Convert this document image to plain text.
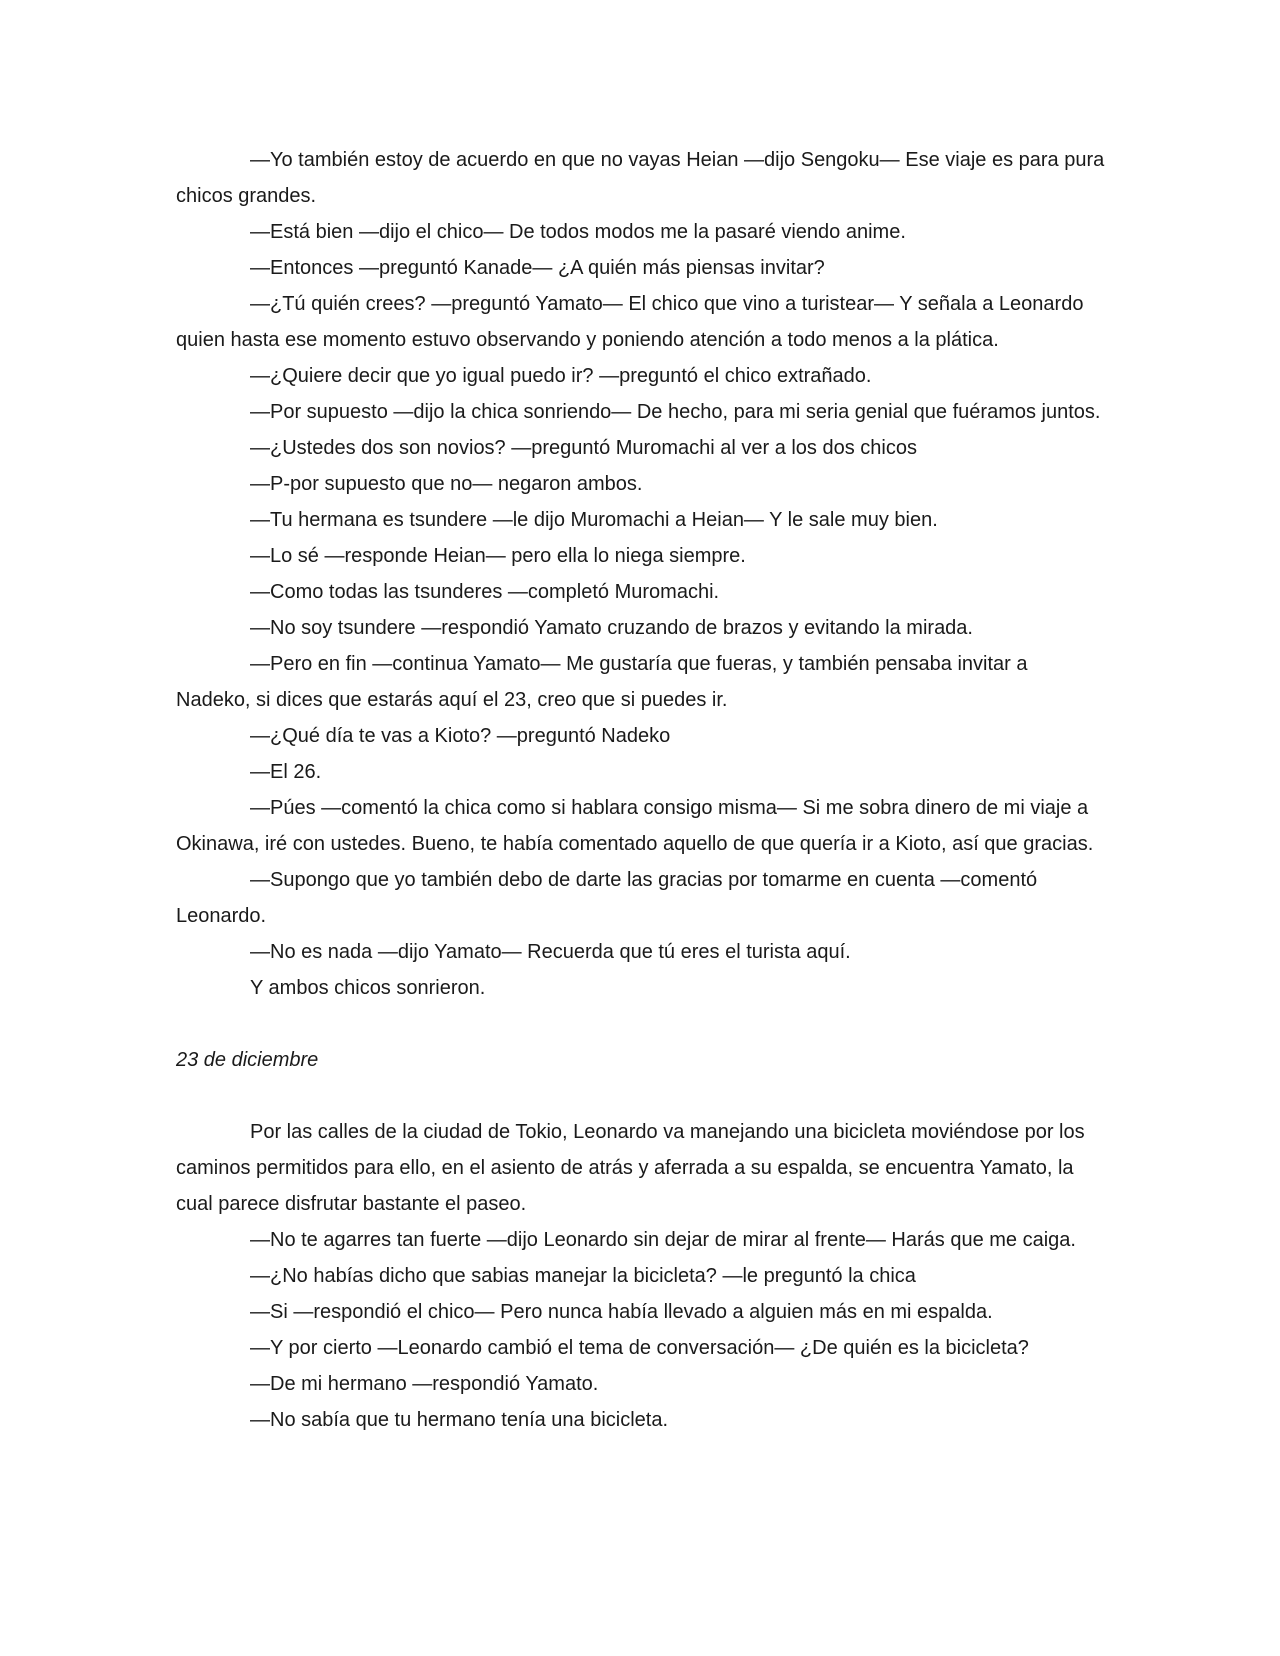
—Yo también estoy de acuerdo en que no vayas Heian —dijo Sengoku— Ese viaje es para pura chicos grandes.

—Está bien —dijo el chico— De todos modos me la pasaré viendo anime.

—Entonces —preguntó Kanade— ¿A quién más piensas invitar?

—¿Tú quién crees? —preguntó Yamato— El chico que vino a turistear— Y señala a Leonardo quien hasta ese momento estuvo observando y poniendo atención a todo menos a la plática.

—¿Quiere decir que yo igual puedo ir? —preguntó el chico extrañado.

—Por supuesto —dijo la chica sonriendo— De hecho, para mi seria genial que fuéramos juntos.

—¿Ustedes dos son novios? —preguntó Muromachi al ver a los dos chicos

—P-por supuesto que no— negaron ambos.

—Tu hermana es tsundere —le dijo Muromachi a Heian— Y le sale muy bien.

—Lo sé —responde Heian— pero ella lo niega siempre.

—Como todas las tsunderes —completó Muromachi.

—No soy tsundere —respondió Yamato cruzando de brazos y evitando la mirada.

—Pero en fin —continua Yamato— Me gustaría que fueras, y también pensaba invitar a Nadeko, si dices que estarás aquí el 23, creo que si puedes ir.

—¿Qué día te vas a Kioto? —preguntó Nadeko

—El 26.

—Púes —comentó la chica como si hablara consigo misma— Si me sobra dinero de mi viaje a Okinawa, iré con ustedes. Bueno, te había comentado aquello de que quería ir a Kioto, así que gracias.

—Supongo que yo también debo de darte las gracias por tomarme en cuenta —comentó Leonardo.

—No es nada —dijo Yamato— Recuerda que tú eres el turista aquí.

Y ambos chicos sonrieron.

23 de diciembre

Por las calles de la ciudad de Tokio, Leonardo va manejando una bicicleta moviéndose por los caminos permitidos para ello, en el asiento de atrás y aferrada a su espalda, se encuentra Yamato, la cual parece disfrutar bastante el paseo.

—No te agarres tan fuerte —dijo Leonardo sin dejar de mirar al frente— Harás que me caiga.

—¿No habías dicho que sabias manejar la bicicleta? —le preguntó la chica

—Si —respondió el chico— Pero nunca había llevado a alguien más en mi espalda.

—Y por cierto —Leonardo cambió el tema de conversación— ¿De quién es la bicicleta?

—De mi hermano —respondió Yamato.

—No sabía que tu hermano tenía una bicicleta.
